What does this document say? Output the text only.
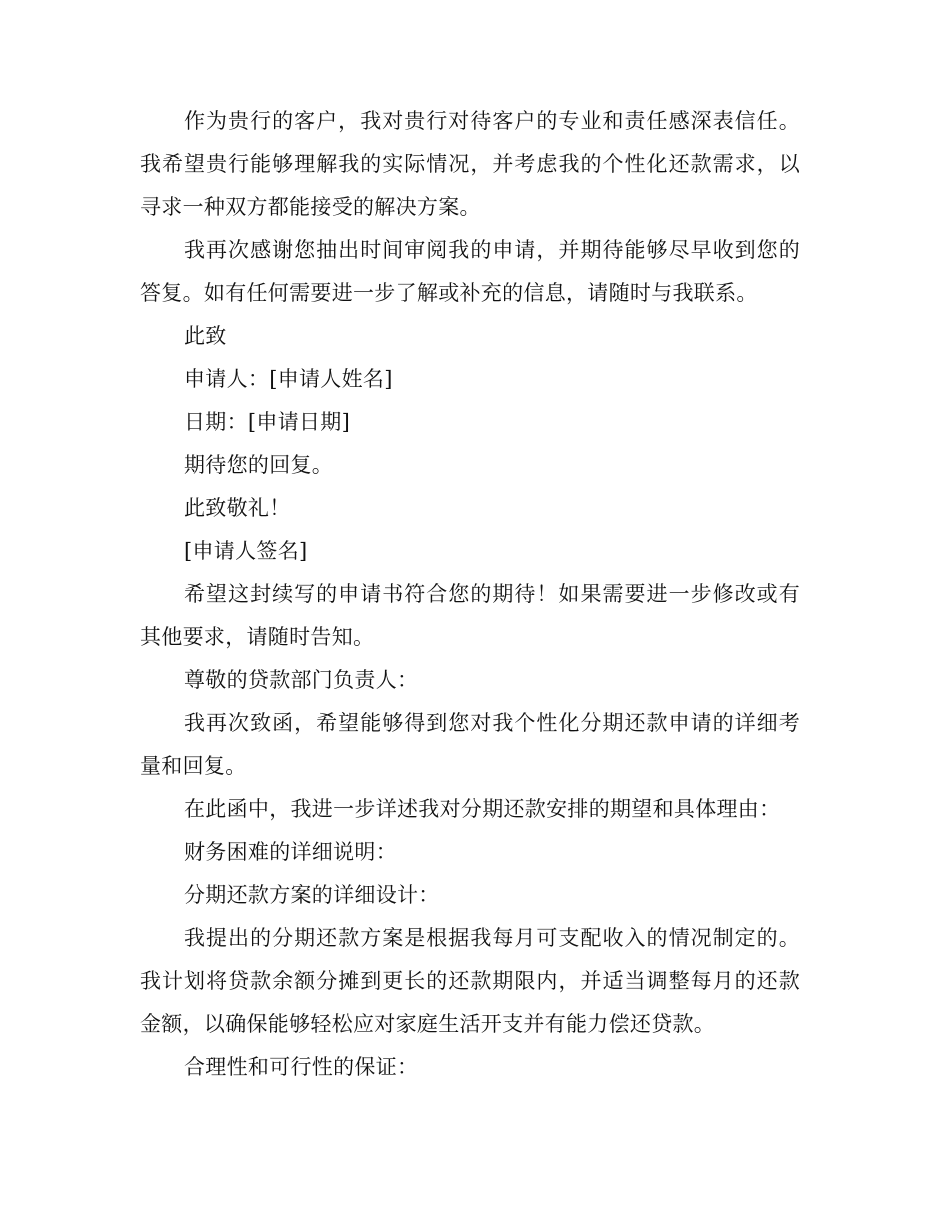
作为贵行的客户，我对贵行对待客户的专业和责任感深表信任。我希望贵行能够理解我的实际情况，并考虑我的个性化还款需求，以寻求一种双方都能接受的解决方案。

我再次感谢您抽出时间审阅我的申请，并期待能够尽早收到您的答复。如有任何需要进一步了解或补充的信息，请随时与我联系。

此致

申请人：[申请人姓名]

日期：[申请日期]

期待您的回复。

此致敬礼！

[申请人签名]

希望这封续写的申请书符合您的期待！如果需要进一步修改或有其他要求，请随时告知。

尊敬的贷款部门负责人：

我再次致函，希望能够得到您对我个性化分期还款申请的详细考量和回复。

在此函中，我进一步详述我对分期还款安排的期望和具体理由：

财务困难的详细说明：

分期还款方案的详细设计：

我提出的分期还款方案是根据我每月可支配收入的情况制定的。我计划将贷款余额分摊到更长的还款期限内，并适当调整每月的还款金额，以确保能够轻松应对家庭生活开支并有能力偿还贷款。

合理性和可行性的保证：
